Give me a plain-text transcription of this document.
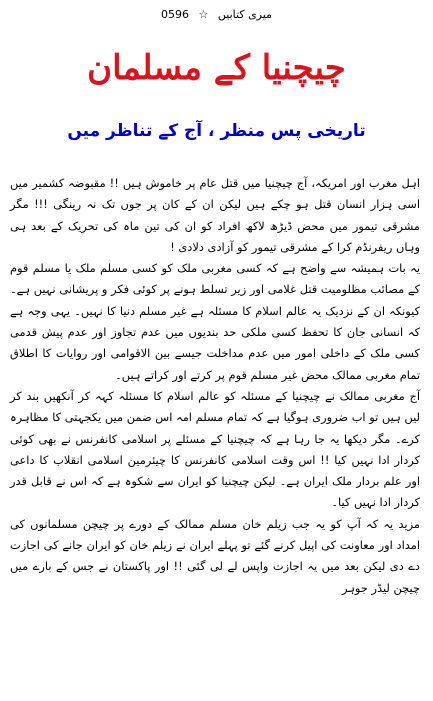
میری کتابیں ☆ 0596
چیچنیا کے مسلمان
تاریخی پس منظر ، آج کے تناظر میں

اہل مغرب اور امریکہ، آج چیچنیا میں قتل عام پر خاموش ہیں !! مقبوضہ کشمیر میں اسی ہزار انسان قتل ہو چکے ہیں لیکن ان کے کان پر جوں تک نہ رینگی !!! مگر مشرقی تیمور میں محض ڈیڑھ لاکھ افراد کو ان کی تین ماہ کی تحریک کے بعد ہی وہاں ریفرنڈم کرا کے مشرقی تیمور کو آزادی دلادی !

یہ بات ہمیشہ سے واضح ہے کہ کسی مغربی ملک کو کسی مسلم ملک یا مسلم قوم کے مصائب مظلومیت قتل غلامی اور زیر تسلط ہونے پر کوئی فکر و پریشانی نہیں ہے۔ کیونکہ ان کے نزدیک یہ عالم اسلام کا مسئلہ ہے غیر مسلم دنیا کا نہیں۔ یہی وجہ ہے کہ انسانی جان کا تحفظ کسی ملکی حد بندیوں میں عدم تجاوز اور عدم پیش قدمی کسی ملک کے داخلی امور میں عدم مداخلت جیسے بین الاقوامی اور روایات کا اطلاق تمام مغربی ممالک محض غیر مسلم قوم پر کرتے اور کراتے ہیں۔

آج مغربی ممالک نے چیچنیا کے مسئلہ کو عالم اسلام کا مسئلہ کہہ کر آنکھیں بند کر لیں ہیں تو اب ضروری ہوگیا ہے کہ تمام مسلم امہ اس ضمن میں یکجہتی کا مظاہرہ کرے۔ مگر دیکھا یہ جا رہا ہے کہ چیچنیا کے مسئلے پر اسلامی کانفرنس نے بھی کوئی کردار ادا نہیں کیا !! اس وقت اسلامی کانفرنس کا چیئرمین اسلامی انقلاب کا داعی اور علم بردار ملک ایران ہے۔ لیکن چیچنیا کو ایران سے شکوہ ہے کہ اس نے قابل قدر کردار ادا نہیں کیا۔

مزید یہ کہ آپ کو یہ جب زیلم خان مسلم ممالک کے دورے پر چیچن مسلمانوں کی امداد اور معاونت کی اپیل کرنے گئے تو پہلے ایران نے زیلم خان کو ایران جانے کی اجازت دے دی لیکن بعد میں یہ اجازت واپس لے لی گئی !! اور پاکستان نے جس کے بارے میں چیچن لیڈر جوہر
